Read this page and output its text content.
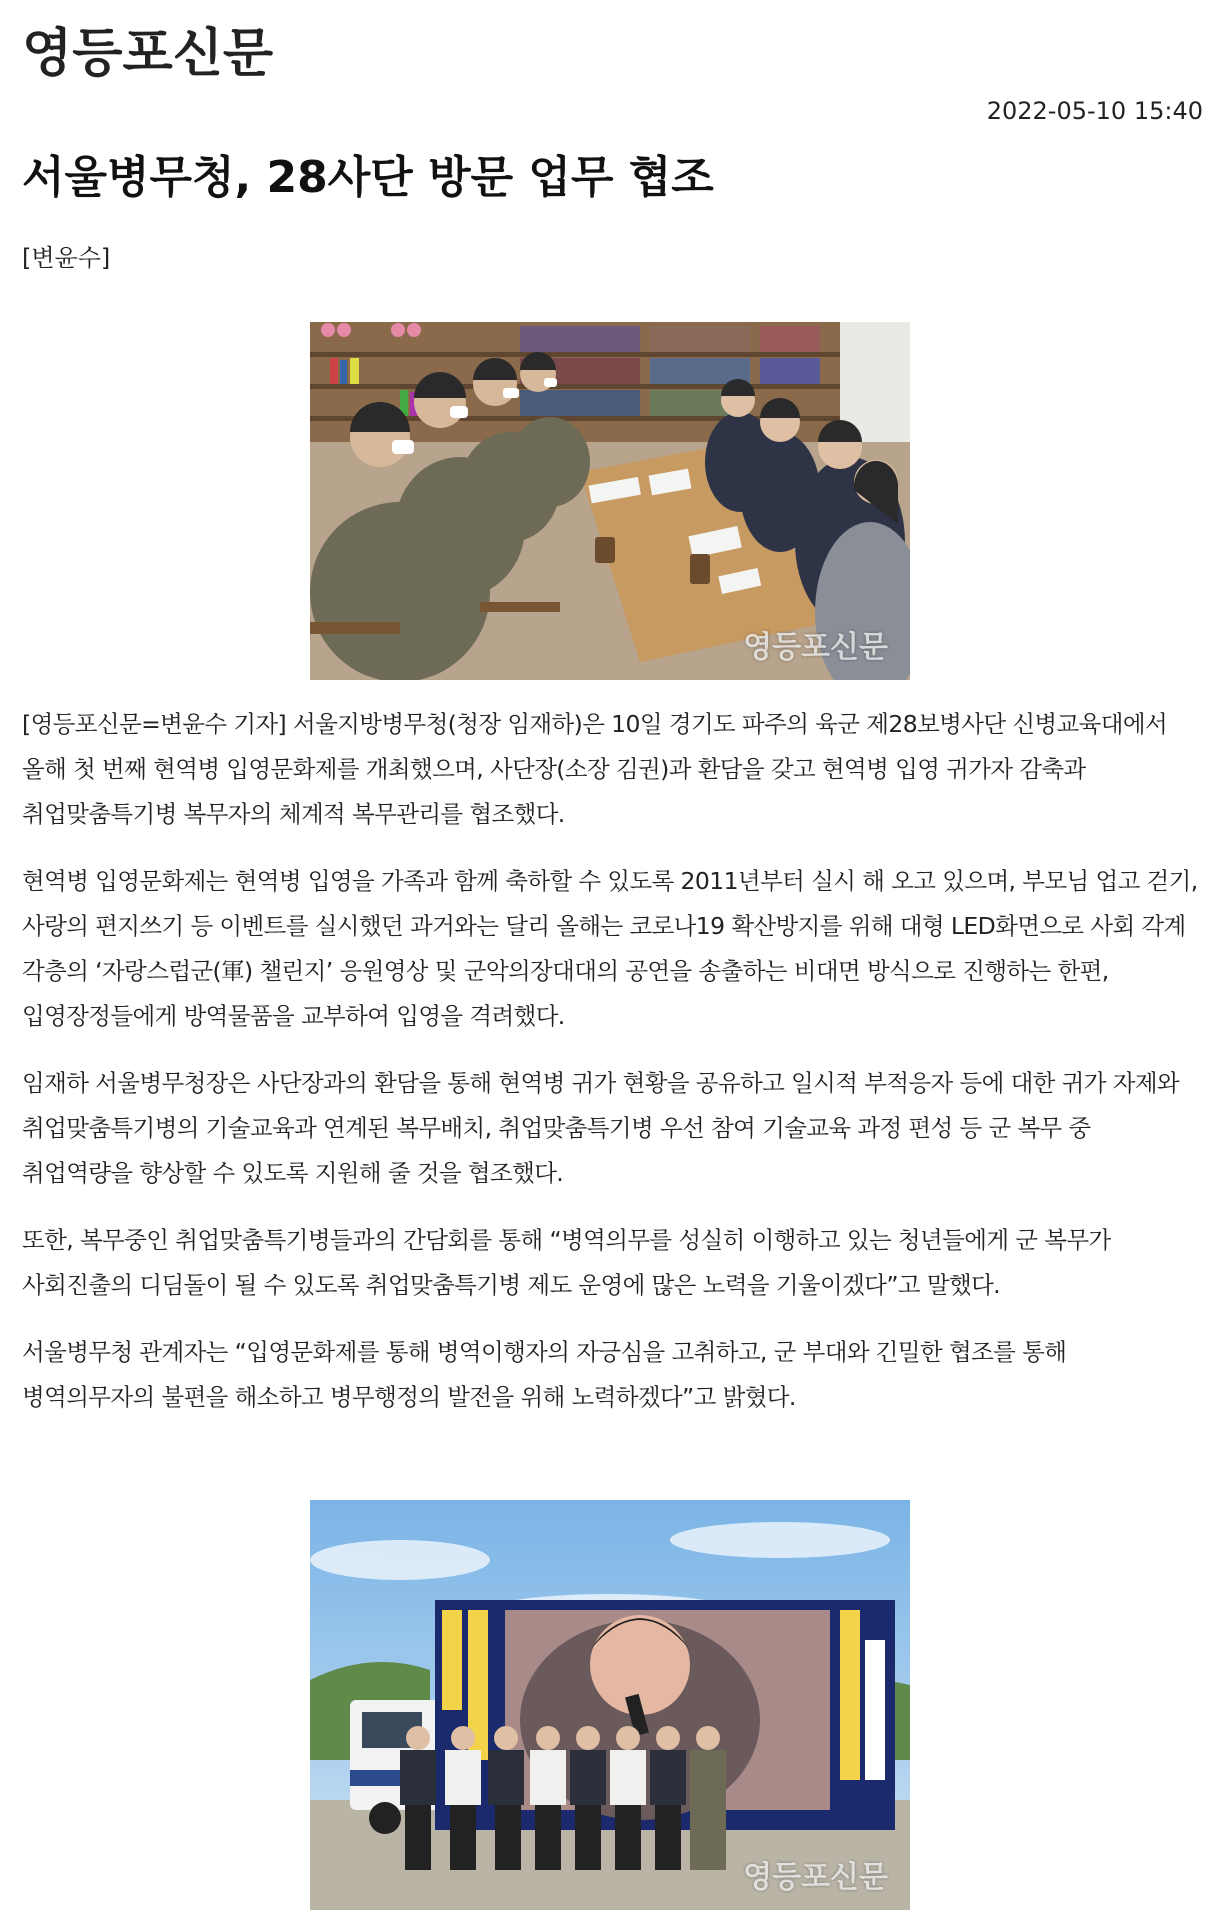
영등포신문
2022-05-10 15:40
서울병무청, 28사단 방문 업무 협조
[변윤수]
영등포신문

[영등포신문=변윤수 기자] 서울지방병무청(청장 임재하)은 10일 경기도 파주의 육군 제28보병사단 신병교육대에서 올해 첫 번째 현역병 입영문화제를 개최했으며, 사단장(소장 김권)과 환담을 갖고 현역병 입영 귀가자 감축과 취업맞춤특기병 복무자의 체계적 복무관리를 협조했다.

현역병 입영문화제는 현역병 입영을 가족과 함께 축하할 수 있도록 2011년부터 실시 해 오고 있으며, 부모님 업고 걷기, 사랑의 편지쓰기 등 이벤트를 실시했던 과거와는 달리 올해는 코로나19 확산방지를 위해 대형 LED화면으로 사회 각계 각층의 ‘자랑스럽군(軍) 챌린지’ 응원영상 및 군악의장대대의 공연을 송출하는 비대면 방식으로 진행하는 한편, 입영장정들에게 방역물품을 교부하여 입영을 격려했다.

임재하 서울병무청장은 사단장과의 환담을 통해 현역병 귀가 현황을 공유하고 일시적 부적응자 등에 대한 귀가 자제와 취업맞춤특기병의 기술교육과 연계된 복무배치, 취업맞춤특기병 우선 참여 기술교육 과정 편성 등 군 복무 중 취업역량을 향상할 수 있도록 지원해 줄 것을 협조했다.

또한, 복무중인 취업맞춤특기병들과의 간담회를 통해 “병역의무를 성실히 이행하고 있는 청년들에게 군 복무가 사회진출의 디딤돌이 될 수 있도록 취업맞춤특기병 제도 운영에 많은 노력을 기울이겠다”고 말했다.

서울병무청 관계자는 “입영문화제를 통해 병역이행자의 자긍심을 고취하고, 군 부대와 긴밀한 협조를 통해 병역의무자의 불편을 해소하고 병무행정의 발전을 위해 노력하겠다”고 밝혔다.

영등포신문
